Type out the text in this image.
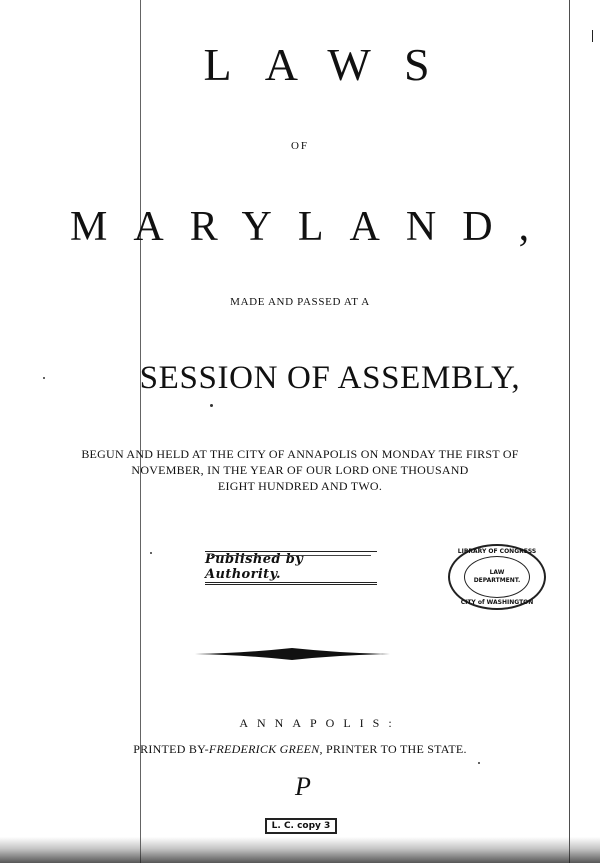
LAWS
OF
MARYLAND,
MADE AND PASSED AT A
SESSION OF ASSEMBLY,
BEGUN AND HELD AT THE CITY OF ANNAPOLIS ON MONDAY THE FIRST OF
NOVEMBER, IN THE YEAR OF OUR LORD ONE THOUSAND
EIGHT HUNDRED AND TWO.
Published by Authority.
LIBRARY OF CONGRESS
LAW
DEPARTMENT.
CITY of WASHINGTON
ANNAPOLIS:
PRINTED BY-FREDERICK GREEN, PRINTER TO THE STATE.
P
L. C. copy 3
